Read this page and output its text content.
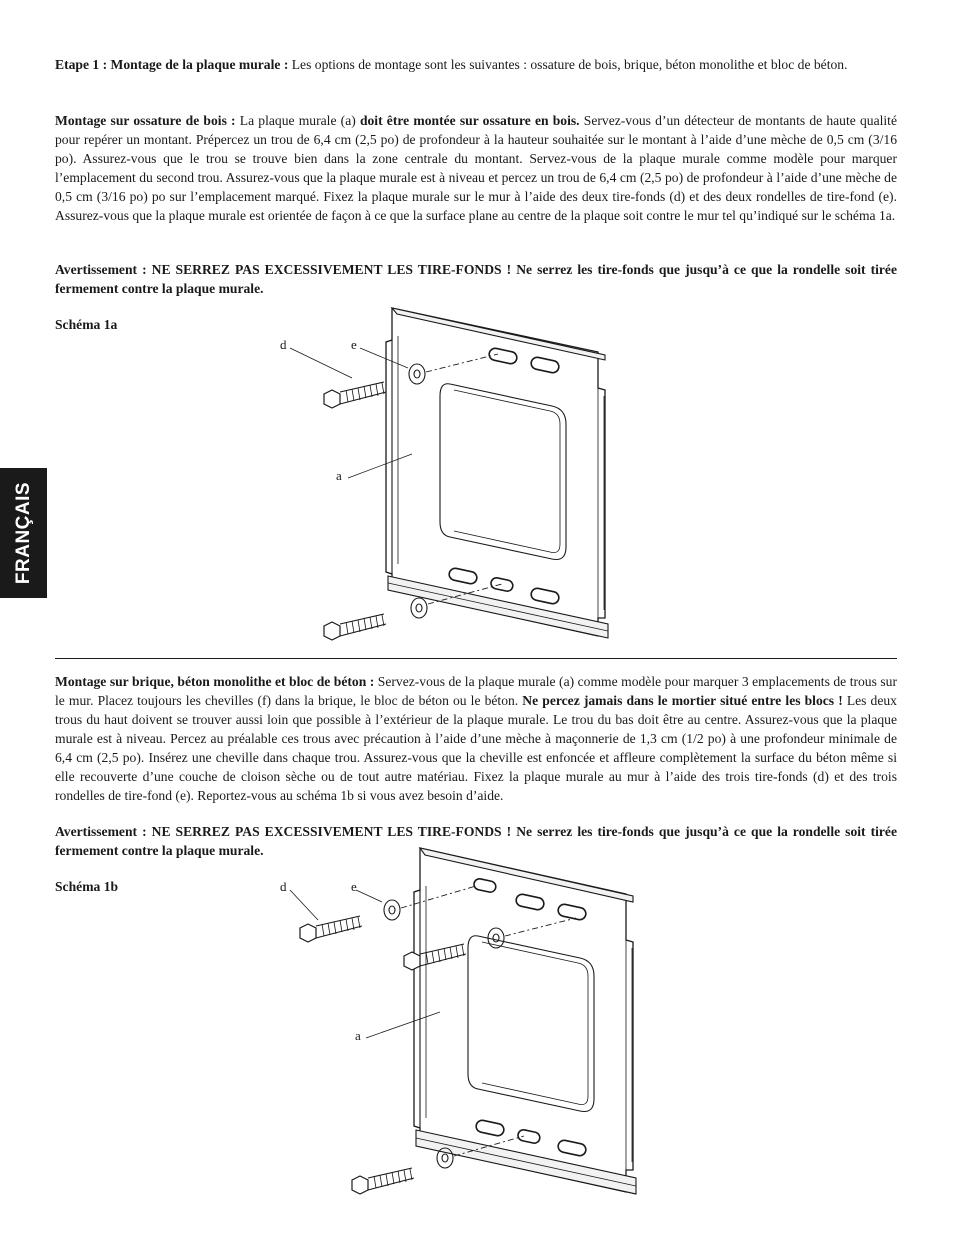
FRANÇAIS

Etape 1 : Montage de la plaque murale : Les options de montage sont les suivantes : ossature de bois, brique, béton monolithe et bloc de béton.

Montage sur ossature de bois : La plaque murale (a) doit être montée sur ossature en bois. Servez-vous d’un détecteur de montants de haute qualité pour repérer un montant. Prépercez un trou de 6,4 cm (2,5 po) de profondeur à la hauteur souhaitée sur le montant à l’aide d’une mèche de 0,5 cm (3/16 po). Assurez-vous que le trou se trouve bien dans la zone centrale du montant. Servez-vous de la plaque murale comme modèle pour marquer l’emplacement du second trou. Assurez-vous que la plaque murale est à niveau et percez un trou de 6,4 cm (2,5 po) de profondeur à l’aide d’une mèche de 0,5 cm (3/16 po) po sur l’emplacement marqué. Fixez la plaque murale sur le mur à l’aide des deux tire-fonds (d) et des deux rondelles de tire-fond (e). Assurez-vous que la plaque murale est orientée de façon à ce que la surface plane au centre de la plaque soit contre le mur tel qu’indiqué sur le schéma 1a.

Avertissement : NE SERREZ PAS EXCESSIVEMENT LES TIRE-FONDS ! Ne serrez les tire-fonds que jusqu’à ce que la rondelle soit tirée fermement contre la plaque murale.

Schéma 1a

d	e
a

Montage sur brique, béton monolithe et bloc de béton : Servez-vous de la plaque murale (a) comme modèle pour marquer 3 emplacements de trous sur le mur. Placez toujours les chevilles (f) dans la brique, le bloc de béton ou le béton. Ne percez jamais dans le mortier situé entre les blocs ! Les deux trous du haut doivent se trouver aussi loin que possible à l’extérieur de la plaque murale. Le trou du bas doit être au centre. Assurez-vous que la plaque murale est à niveau. Percez au préalable ces trous avec précaution à l’aide d’une mèche à maçonnerie de 1,3 cm (1/2 po) à une profondeur minimale de 6,4 cm (2,5 po). Insérez une cheville dans chaque trou. Assurez-vous que la cheville est enfoncée et affleure complètement la surface du béton même si elle recouverte d’une couche de cloison sèche ou de tout autre matériau. Fixez la plaque murale au mur à l’aide des trois tire-fonds (d) et des trois rondelles de tire-fond (e). Reportez-vous au schéma 1b si vous avez besoin d’aide.

Avertissement : NE SERREZ PAS EXCESSIVEMENT LES TIRE-FONDS ! Ne serrez les tire-fonds que jusqu’à ce que la rondelle soit tirée fermement contre la plaque murale.

Schéma 1b	d	e
a
